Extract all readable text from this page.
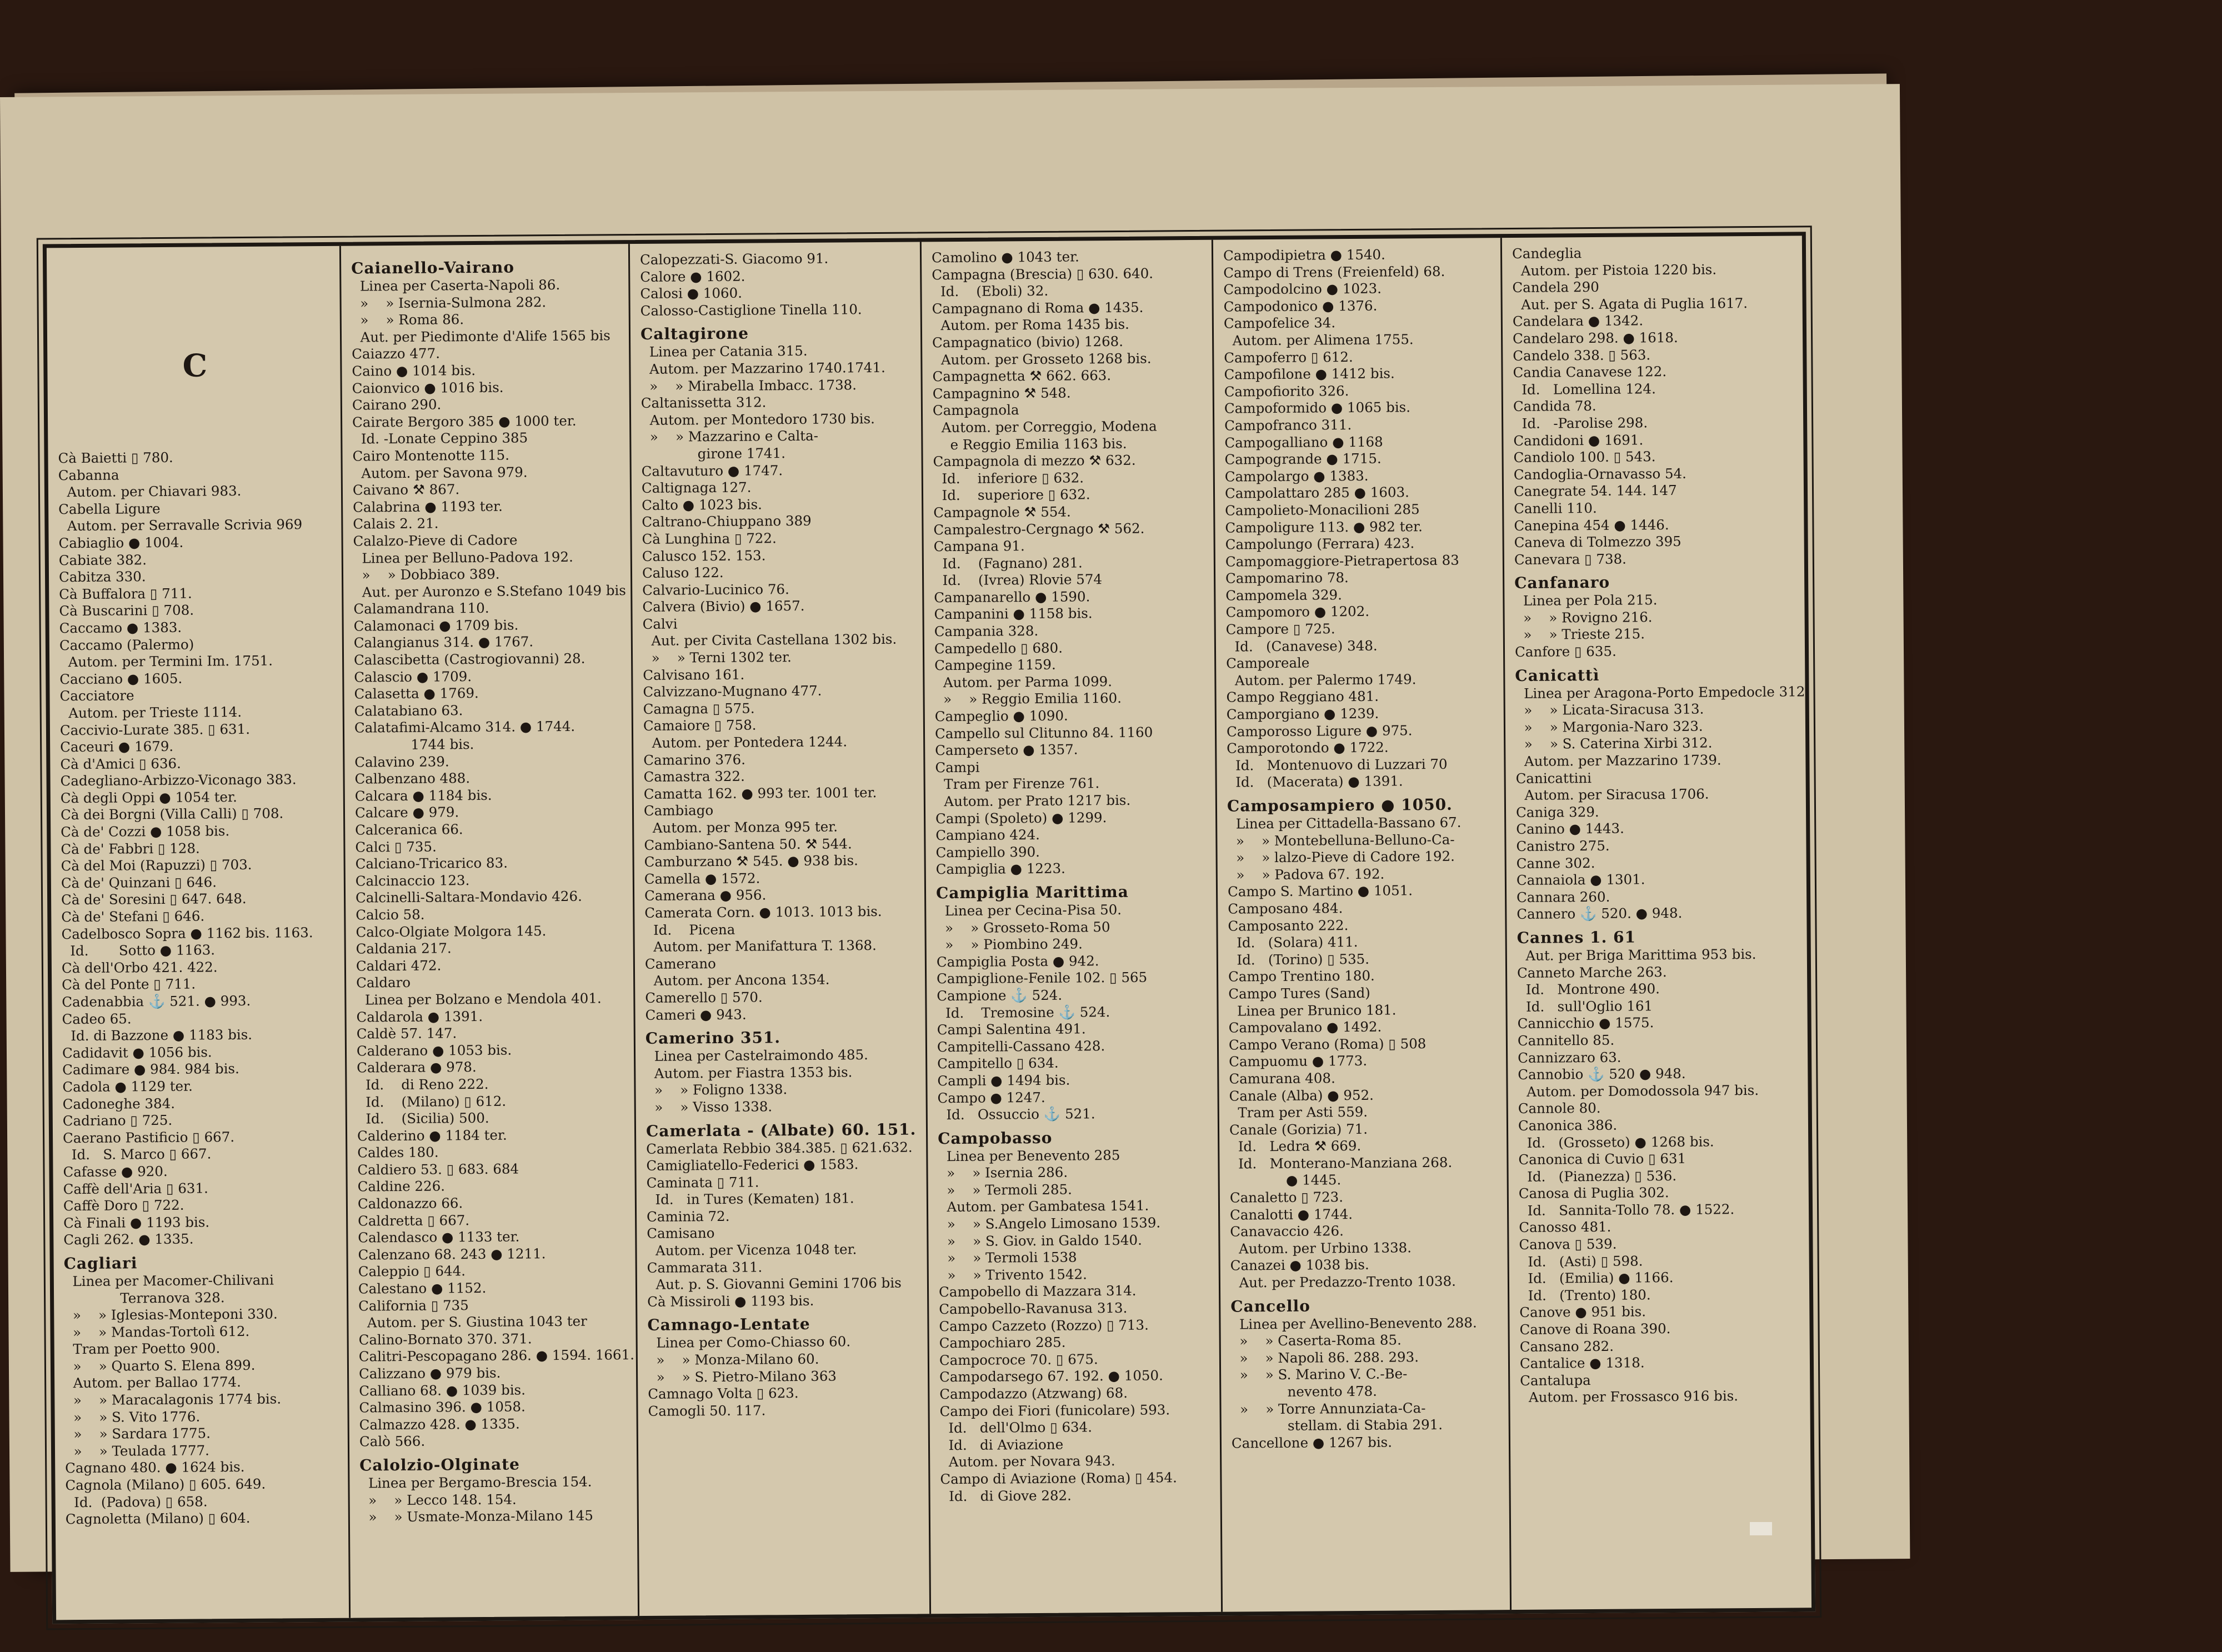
C
Cà Baietti ▯ 780.
Cabanna
Autom. per Chiavari 983.
Cabella Ligure
Autom. per Serravalle Scrivia 969
Cabiaglio ● 1004.
Cabiate 382.
Cabitza 330.
Cà Buffalora ▯ 711.
Cà Buscarini ▯ 708.
Caccamo ● 1383.
Caccamo (Palermo)
Autom. per Termini Im. 1751.
Cacciano ● 1605.
Cacciatore
Autom. per Trieste 1114.
Caccivio-Lurate 385. ▯ 631.
Caceuri ● 1679.
Cà d'Amici ▯ 636.
Cadegliano-Arbizzo-Viconago 383.
Cà degli Oppi ● 1054 ter.
Cà dei Borgni (Villa Calli) ▯ 708.
Cà de' Cozzi ● 1058 bis.
Cà de' Fabbri ▯ 128.
Cà del Moi (Rapuzzi) ▯ 703.
Cà de' Quinzani ▯ 646.
Cà de' Soresini ▯ 647. 648.
Cà de' Stefani ▯ 646.
Cadelbosco Sopra ● 1162 bis. 1163.
Id.       Sotto ● 1163.
Cà dell'Orbo 421. 422.
Cà del Ponte ▯ 711.
Cadenabbia ⚓ 521. ● 993.
Cadeo 65.
Id. di Bazzone ● 1183 bis.
Cadidavit ● 1056 bis.
Cadimare ● 984. 984 bis.
Cadola ● 1129 ter.
Cadoneghe 384.
Cadriano ▯ 725.
Caerano Pastificio ▯ 667.
Id.   S. Marco ▯ 667.
Cafasse ● 920.
Caffè dell'Aria ▯ 631.
Caffè Doro ▯ 722.
Cà Finali ● 1193 bis.
Cagli 262. ● 1335.
Cagliari
Linea per Macomer-Chilivani
Terranova 328.
»    » Iglesias-Monteponi 330.
»    » Mandas-Tortolì 612.
Tram per Poetto 900.
»    » Quarto S. Elena 899.
Autom. per Ballao 1774.
»    » Maracalagonis 1774 bis.
»    » S. Vito 1776.
»    » Sardara 1775.
»    » Teulada 1777.
Cagnano 480. ● 1624 bis.
Cagnola (Milano) ▯ 605. 649.
Id.  (Padova) ▯ 658.
Cagnoletta (Milano) ▯ 604.
Caianello-Vairano
Linea per Caserta-Napoli 86.
»    » Isernia-Sulmona 282.
»    » Roma 86.
Aut. per Piedimonte d'Alife 1565 bis
Caiazzo 477.
Caino ● 1014 bis.
Caionvico ● 1016 bis.
Cairano 290.
Cairate Bergoro 385 ● 1000 ter.
Id. -Lonate Ceppino 385
Cairo Montenotte 115.
Autom. per Savona 979.
Caivano ⚒ 867.
Calabrina ● 1193 ter.
Calais 2. 21.
Calalzo-Pieve di Cadore
Linea per Belluno-Padova 192.
»    » Dobbiaco 389.
Aut. per Auronzo e S.Stefano 1049 bis
Calamandrana 110.
Calamonaci ● 1709 bis.
Calangianus 314. ● 1767.
Calascibetta (Castrogiovanni) 28.
Calascio ● 1709.
Calasetta ● 1769.
Calatabiano 63.
Calatafimi-Alcamo 314. ● 1744.
1744 bis.
Calavino 239.
Calbenzano 488.
Calcara ● 1184 bis.
Calcare ● 979.
Calceranica 66.
Calci ▯ 735.
Calciano-Tricarico 83.
Calcinaccio 123.
Calcinelli-Saltara-Mondavio 426.
Calcio 58.
Calco-Olgiate Molgora 145.
Caldania 217.
Caldari 472.
Caldaro
Linea per Bolzano e Mendola 401.
Caldarola ● 1391.
Caldè 57. 147.
Calderano ● 1053 bis.
Calderara ● 978.
Id.    di Reno 222.
Id.    (Milano) ▯ 612.
Id.    (Sicilia) 500.
Calderino ● 1184 ter.
Caldes 180.
Caldiero 53. ▯ 683. 684
Caldine 226.
Caldonazzo 66.
Caldretta ▯ 667.
Calendasco ● 1133 ter.
Calenzano 68. 243 ● 1211.
Caleppio ▯ 644.
Calestano ● 1152.
California ▯ 735
Autom. per S. Giustina 1043 ter
Calino-Bornato 370. 371.
Calitri-Pescopagano 286. ● 1594. 1661.
Calizzano ● 979 bis.
Calliano 68. ● 1039 bis.
Calmasino 396. ● 1058.
Calmazzo 428. ● 1335.
Calò 566.
Calolzio-Olginate
Linea per Bergamo-Brescia 154.
»    » Lecco 148. 154.
»    » Usmate-Monza-Milano 145
Calopezzati-S. Giacomo 91.
Calore ● 1602.
Calosi ● 1060.
Calosso-Castiglione Tinella 110.
Caltagirone
Linea per Catania 315.
Autom. per Mazzarino 1740.1741.
»    » Mirabella Imbacc. 1738.
Caltanissetta 312.
Autom. per Montedoro 1730 bis.
»    » Mazzarino e Calta-
girone 1741.
Caltavuturo ● 1747.
Caltignaga 127.
Calto ● 1023 bis.
Caltrano-Chiuppano 389
Cà Lunghina ▯ 722.
Caluscо 152. 153.
Caluso 122.
Calvario-Lucinico 76.
Calvera (Bivio) ● 1657.
Calvi
Aut. per Civita Castellana 1302 bis.
»    » Terni 1302 ter.
Calvisano 161.
Calvizzano-Mugnano 477.
Camagna ▯ 575.
Camaiore ▯ 758.
Autom. per Pontedera 1244.
Camarino 376.
Camastra 322.
Camatta 162. ● 993 ter. 1001 ter.
Cambiago
Autom. per Monza 995 ter.
Cambiano-Santena 50. ⚒ 544.
Camburzano ⚒ 545. ● 938 bis.
Camella ● 1572.
Camerana ● 956.
Camerata Corn. ● 1013. 1013 bis.
Id.    Picena
Autom. per Manifattura T. 1368.
Camerano
Autom. per Ancona 1354.
Camerello ▯ 570.
Cameri ● 943.
Camerino 351.
Linea per Castelraimondo 485.
Autom. per Fiastra 1353 bis.
»    » Foligno 1338.
»    » Visso 1338.
Camerlata - (Albate) 60. 151.
Camerlata Rebbio 384.385. ▯ 621.632.
Camigliatello-Federici ● 1583.
Caminata ▯ 711.
Id.   in Tures (Kematen) 181.
Caminia 72.
Camisano
Autom. per Vicenza 1048 ter.
Cammarata 311.
Aut. p. S. Giovanni Gemini 1706 bis
Cà Missiroli ● 1193 bis.
Camnago-Lentate
Linea per Como-Chiasso 60.
»    » Monza-Milano 60.
»    » S. Pietro-Milano 363
Camnago Volta ▯ 623.
Camogli 50. 117.
Camolino ● 1043 ter.
Campagna (Brescia) ▯ 630. 640.
Id.    (Eboli) 32.
Campagnano di Roma ● 1435.
Autom. per Roma 1435 bis.
Campagnatico (bivio) 1268.
Autom. per Grosseto 1268 bis.
Campagnetta ⚒ 662. 663.
Campagnino ⚒ 548.
Campagnola
Autom. per Correggio, Modena
e Reggio Emilia 1163 bis.
Campagnola di mezzo ⚒ 632.
Id.    inferiore ▯ 632.
Id.    superiore ▯ 632.
Campagnole ⚒ 554.
Campalestro-Cergnago ⚒ 562.
Campana 91.
Id.    (Fagnano) 281.
Id.    (Ivrea) Rlovie 574
Campanarello ● 1590.
Campanini ● 1158 bis.
Campania 328.
Campedello ▯ 680.
Campegine 1159.
Autom. per Parma 1099.
»    » Reggio Emilia 1160.
Campeglio ● 1090.
Campello sul Clitunno 84. 1160
Camperseto ● 1357.
Campi
Tram per Firenze 761.
Autom. per Prato 1217 bis.
Campi (Spoleto) ● 1299.
Campiano 424.
Campiello 390.
Campiglia ● 1223.
Campiglia Marittima
Linea per Cecina-Pisa 50.
»    » Grosseto-Roma 50
»    » Piombino 249.
Campiglia Posta ● 942.
Campiglione-Fenile 102. ▯ 565
Campione ⚓ 524.
Id.    Tremosine ⚓ 524.
Campi Salentina 491.
Campitelli-Cassano 428.
Campitello ▯ 634.
Campli ● 1494 bis.
Campo ● 1247.
Id.   Ossuccio ⚓ 521.
Campobasso
Linea per Benevento 285
»    » Isernia 286.
»    » Termoli 285.
Autom. per Gambatesa 1541.
»    » S.Angelo Limosano 1539.
»    » S. Giov. in Galdo 1540.
»    » Termoli 1538
»    » Trivento 1542.
Campobello di Mazzara 314.
Campobello-Ravanusa 313.
Campo Cazzeto (Rozzo) ▯ 713.
Campochiaro 285.
Campocroce 70. ▯ 675.
Campodarsego 67. 192. ● 1050.
Campodazzo (Atzwang) 68.
Campo dei Fiori (funicolare) 593.
Id.   dell'Olmo ▯ 634.
Id.   di Aviazione
Autom. per Novara 943.
Campo di Aviazione (Roma) ▯ 454.
Id.   di Giove 282.
Campodipietra ● 1540.
Campo di Trens (Freienfeld) 68.
Campodolcino ● 1023.
Campodonico ● 1376.
Campofelice 34.
Autom. per Alimena 1755.
Campoferro ▯ 612.
Campofilone ● 1412 bis.
Campofiorito 326.
Campoformido ● 1065 bis.
Campofranco 311.
Campogalliano ● 1168
Campogrande ● 1715.
Campolargo ● 1383.
Campolattaro 285 ● 1603.
Campolieto-Monacilioni 285
Campoligure 113. ● 982 ter.
Campolungo (Ferrara) 423.
Campomaggiore-Pietrapertosa 83
Campomarino 78.
Campomela 329.
Campomoro ● 1202.
Campore ▯ 725.
Id.   (Canavese) 348.
Camporeale
Autom. per Palermo 1749.
Campo Reggiano 481.
Camporgiano ● 1239.
Camporosso Ligure ● 975.
Camporotondo ● 1722.
Id.   Montenuovo di Luzzari 70
Id.   (Macerata) ● 1391.
Camposampiero ● 1050.
Linea per Cittadella-Bassano 67.
»    » Montebelluna-Belluno-Ca-
»    » lalzo-Pieve di Cadore 192.
»    » Padova 67. 192.
Campo S. Martino ● 1051.
Camposano 484.
Camposanto 222.
Id.   (Solara) 411.
Id.   (Torino) ▯ 535.
Campo Trentino 180.
Campo Tures (Sand)
Linea per Brunico 181.
Campovalano ● 1492.
Campo Verano (Roma) ▯ 508
Campuomu ● 1773.
Camurana 408.
Canale (Alba) ● 952.
Tram per Asti 559.
Canale (Gorizia) 71.
Id.   Ledra ⚒ 669.
Id.   Monterano-Manziana 268.
● 1445.
Canaletto ▯ 723.
Canalotti ● 1744.
Canavaccio 426.
Autom. per Urbino 1338.
Canazei ● 1038 bis.
Aut. per Predazzo-Trento 1038.
Cancello
Linea per Avellino-Benevento 288.
»    » Caserta-Roma 85.
»    » Napoli 86. 288. 293.
»    » S. Marino V. C.-Be-
nevento 478.
»    » Torre Annunziata-Ca-
stellam. di Stabia 291.
Cancellone ● 1267 bis.
Candeglia
Autom. per Pistoia 1220 bis.
Candela 290
Aut. per S. Agata di Puglia 1617.
Candelara ● 1342.
Candelaro 298. ● 1618.
Candelo 338. ▯ 563.
Candia Canavese 122.
Id.   Lomellina 124.
Candida 78.
Id.   -Parolise 298.
Candidoni ● 1691.
Candiolo 100. ▯ 543.
Candoglia-Ornavasso 54.
Canegrate 54. 144. 147
Canelli 110.
Canepina 454 ● 1446.
Caneva di Tolmezzo 395
Canevara ▯ 738.
Canfanaro
Linea per Pola 215.
»    » Rovigno 216.
»    » Trieste 215.
Canfore ▯ 635.
Canicattì
Linea per Aragona-Porto Empedocle 312
»    » Licata-Siracusa 313.
»    » Margonia-Naro 323.
»    » S. Caterina Xirbi 312.
Autom. per Mazzarino 1739.
Canicattini
Autom. per Siracusa 1706.
Caniga 329.
Canino ● 1443.
Canistro 275.
Canne 302.
Cannaiola ● 1301.
Cannara 260.
Cannero ⚓ 520. ● 948.
Cannes 1. 61
Aut. per Briga Marittima 953 bis.
Canneto Marche 263.
Id.   Montrone 490.
Id.   sull'Oglio 161
Cannicchio ● 1575.
Cannitello 85.
Cannizzaro 63.
Cannobio ⚓ 520 ● 948.
Autom. per Domodossola 947 bis.
Cannole 80.
Canonica 386.
Id.   (Grosseto) ● 1268 bis.
Canonica di Cuvio ▯ 631
Id.   (Pianezza) ▯ 536.
Canosa di Puglia 302.
Id.   Sannita-Tollo 78. ● 1522.
Canosso 481.
Canova ▯ 539.
Id.   (Asti) ▯ 598.
Id.   (Emilia) ● 1166.
Id.   (Trento) 180.
Canove ● 951 bis.
Canove di Roana 390.
Cansano 282.
Cantalice ● 1318.
Cantalupa
Autom. per Frossasco 916 bis.
